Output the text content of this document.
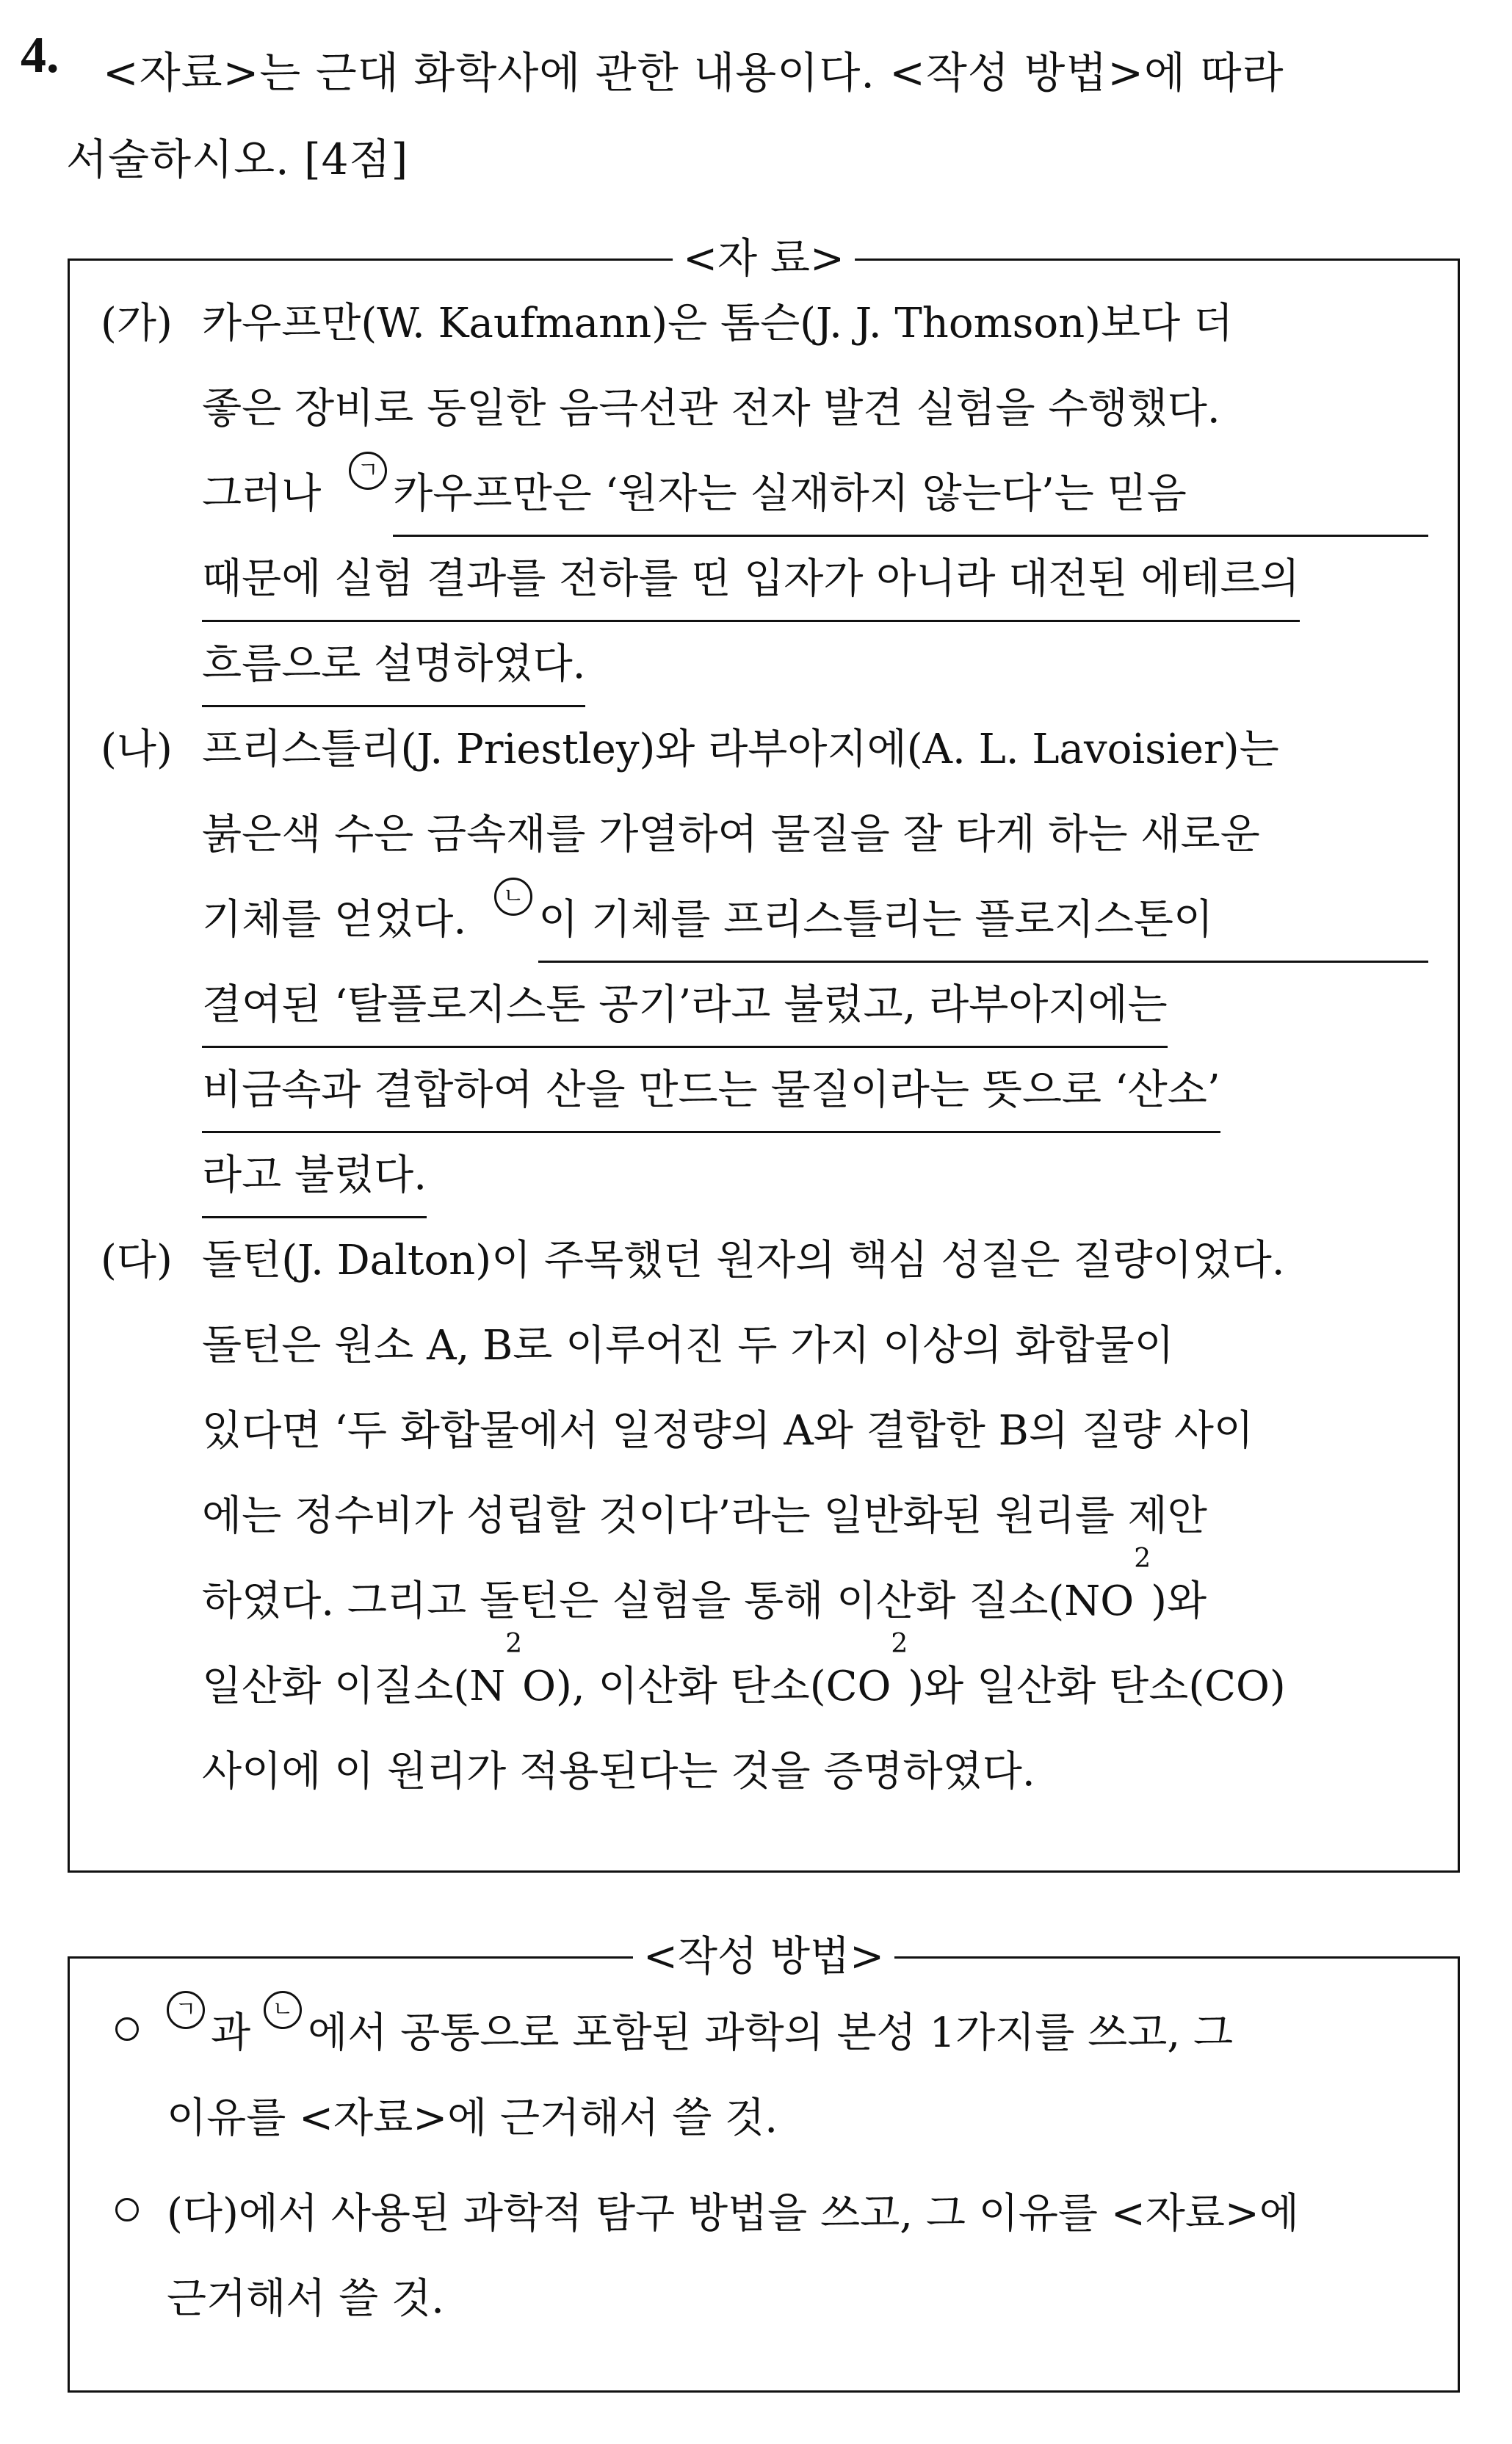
4. <자료>는 근대 화학사에 관한 내용이다. <작성 방법>에 따라
서술하시오. [4점]
<자 료>
(가) 카우프만(W. Kaufmann)은 톰슨(J. J. Thomson)보다 더
좋은 장비로 동일한 음극선관 전자 발견 실험을 수행했다.
그러나	ㄱ 카우프만은 ‘원자는 실재하지 않는다’는 믿음
때문에 실험 결과를 전하를 띤 입자가 아니라 대전된 에테르의
흐름으로 설명하였다.
(나) 프리스틀리(J. Priestley)와 라부아지에(A. L. Lavoisier)는
붉은색 수은 금속재를 가열하여 물질을 잘 타게 하는 새로운
기체를 얻었다.	ㄴ 이 기체를 프리스틀리는 플로지스톤이
결여된 ‘탈플로지스톤 공기’라고 불렀고, 라부아지에는
비금속과 결합하여 산을 만드는 물질이라는 뜻으로 ‘산소’
라고 불렀다.
(다) 돌턴(J. Dalton)이 주목했던 원자의 핵심 성질은 질량이었다.
돌턴은 원소 A, B로 이루어진 두 가지 이상의 화합물이
있다면 ‘두 화합물에서 일정량의 A와 결합한 B의 질량 사이
에는 정수비가 성립할 것이다’라는 일반화된 원리를 제안
하였다. 그리고 돌턴은 실험을 통해 이산화 질소(NO
2
)와
일산화 이질소(N
2
O), 이산화 탄소(CO
2
)와 일산화 탄소(CO)
사이에 이 원리가 적용된다는 것을 증명하였다.
<작성 방법>
ㄱ 과 ㄴ 에서 공통으로 포함된 과학의 본성 1가지를 쓰고, 그
이유를 <자료>에 근거해서 쓸 것.
(다)에서 사용된 과학적 탐구 방법을 쓰고, 그 이유를 <자료>에
근거해서 쓸 것.
